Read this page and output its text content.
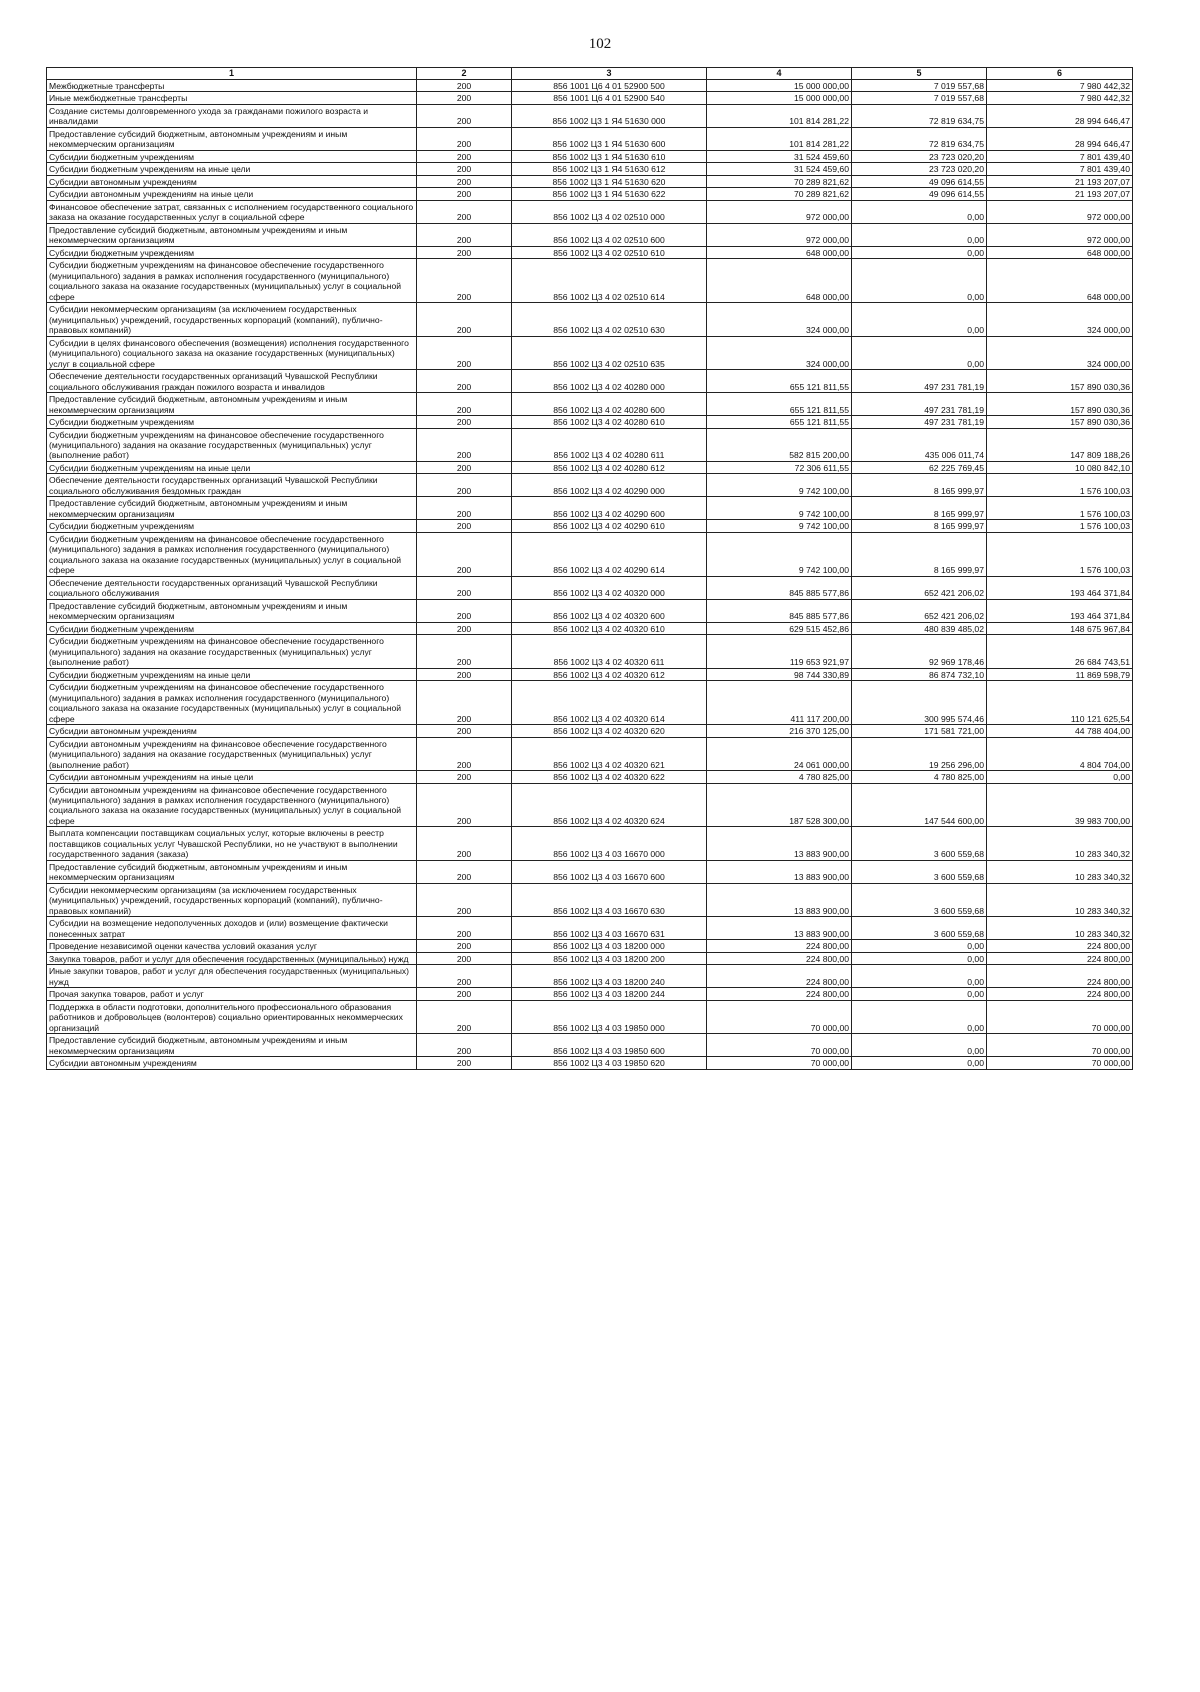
102
1	2	3	4	5	6
Межбюджетные трансферты	200	856 1001 Ц6 4 01 52900 500	15 000 000,00	7 019 557,68	7 980 442,32
Иные межбюджетные трансферты	200	856 1001 Ц6 4 01 52900 540	15 000 000,00	7 019 557,68	7 980 442,32
Создание системы долговременного ухода за гражданами пожилого возраста и инвалидами	200	856 1002 Ц3 1 Я4 51630 000	101 814 281,22	72 819 634,75	28 994 646,47
Предоставление субсидий бюджетным, автономным учреждениям и иным некоммерческим организациям	200	856 1002 Ц3 1 Я4 51630 600	101 814 281,22	72 819 634,75	28 994 646,47
Субсидии бюджетным учреждениям	200	856 1002 Ц3 1 Я4 51630 610	31 524 459,60	23 723 020,20	7 801 439,40
Субсидии бюджетным учреждениям на иные цели	200	856 1002 Ц3 1 Я4 51630 612	31 524 459,60	23 723 020,20	7 801 439,40
Субсидии автономным учреждениям	200	856 1002 Ц3 1 Я4 51630 620	70 289 821,62	49 096 614,55	21 193 207,07
Субсидии автономным учреждениям на иные цели	200	856 1002 Ц3 1 Я4 51630 622	70 289 821,62	49 096 614,55	21 193 207,07
Финансовое обеспечение затрат, связанных с исполнением государственного социального заказа на оказание государственных услуг в социальной сфере	200	856 1002 Ц3 4 02 02510 000	972 000,00	0,00	972 000,00
Предоставление субсидий бюджетным, автономным учреждениям и иным некоммерческим организациям	200	856 1002 Ц3 4 02 02510 600	972 000,00	0,00	972 000,00
Субсидии бюджетным учреждениям	200	856 1002 Ц3 4 02 02510 610	648 000,00	0,00	648 000,00
Субсидии бюджетным учреждениям на финансовое обеспечение государственного (муниципального) задания в рамках исполнения государственного (муниципального) социального заказа на оказание государственных (муниципальных) услуг в социальной сфере	200	856 1002 Ц3 4 02 02510 614	648 000,00	0,00	648 000,00
Субсидии некоммерческим организациям (за исключением государственных (муниципальных) учреждений, государственных корпораций (компаний), публично-правовых компаний)	200	856 1002 Ц3 4 02 02510 630	324 000,00	0,00	324 000,00
Субсидии в целях финансового обеспечения (возмещения) исполнения государственного (муниципального) социального заказа на оказание государственных (муниципальных) услуг в социальной сфере	200	856 1002 Ц3 4 02 02510 635	324 000,00	0,00	324 000,00
Обеспечение деятельности государственных организаций Чувашской Республики социального обслуживания граждан пожилого возраста и инвалидов	200	856 1002 Ц3 4 02 40280 000	655 121 811,55	497 231 781,19	157 890 030,36
Предоставление субсидий бюджетным, автономным учреждениям и иным некоммерческим организациям	200	856 1002 Ц3 4 02 40280 600	655 121 811,55	497 231 781,19	157 890 030,36
Субсидии бюджетным учреждениям	200	856 1002 Ц3 4 02 40280 610	655 121 811,55	497 231 781,19	157 890 030,36
Субсидии бюджетным учреждениям на финансовое обеспечение государственного (муниципального) задания на оказание государственных (муниципальных) услуг (выполнение работ)	200	856 1002 Ц3 4 02 40280 611	582 815 200,00	435 006 011,74	147 809 188,26
Субсидии бюджетным учреждениям на иные цели	200	856 1002 Ц3 4 02 40280 612	72 306 611,55	62 225 769,45	10 080 842,10
Обеспечение деятельности государственных организаций Чувашской Республики социального обслуживания бездомных граждан	200	856 1002 Ц3 4 02 40290 000	9 742 100,00	8 165 999,97	1 576 100,03
Предоставление субсидий бюджетным, автономным учреждениям и иным некоммерческим организациям	200	856 1002 Ц3 4 02 40290 600	9 742 100,00	8 165 999,97	1 576 100,03
Субсидии бюджетным учреждениям	200	856 1002 Ц3 4 02 40290 610	9 742 100,00	8 165 999,97	1 576 100,03
Субсидии бюджетным учреждениям на финансовое обеспечение государственного (муниципального) задания в рамках исполнения государственного (муниципального) социального заказа на оказание государственных (муниципальных) услуг в социальной сфере	200	856 1002 Ц3 4 02 40290 614	9 742 100,00	8 165 999,97	1 576 100,03
Обеспечение деятельности государственных организаций Чувашской Республики социального обслуживания	200	856 1002 Ц3 4 02 40320 000	845 885 577,86	652 421 206,02	193 464 371,84
Предоставление субсидий бюджетным, автономным учреждениям и иным некоммерческим организациям	200	856 1002 Ц3 4 02 40320 600	845 885 577,86	652 421 206,02	193 464 371,84
Субсидии бюджетным учреждениям	200	856 1002 Ц3 4 02 40320 610	629 515 452,86	480 839 485,02	148 675 967,84
Субсидии бюджетным учреждениям на финансовое обеспечение государственного (муниципального) задания на оказание государственных (муниципальных) услуг (выполнение работ)	200	856 1002 Ц3 4 02 40320 611	119 653 921,97	92 969 178,46	26 684 743,51
Субсидии бюджетным учреждениям на иные цели	200	856 1002 Ц3 4 02 40320 612	98 744 330,89	86 874 732,10	11 869 598,79
Субсидии бюджетным учреждениям на финансовое обеспечение государственного (муниципального) задания в рамках исполнения государственного (муниципального) социального заказа на оказание государственных (муниципальных) услуг в социальной сфере	200	856 1002 Ц3 4 02 40320 614	411 117 200,00	300 995 574,46	110 121 625,54
Субсидии автономным учреждениям	200	856 1002 Ц3 4 02 40320 620	216 370 125,00	171 581 721,00	44 788 404,00
Субсидии автономным учреждениям на финансовое обеспечение государственного (муниципального) задания на оказание государственных (муниципальных) услуг (выполнение работ)	200	856 1002 Ц3 4 02 40320 621	24 061 000,00	19 256 296,00	4 804 704,00
Субсидии автономным учреждениям на иные цели	200	856 1002 Ц3 4 02 40320 622	4 780 825,00	4 780 825,00	0,00
Субсидии автономным учреждениям на финансовое обеспечение государственного (муниципального) задания в рамках исполнения государственного (муниципального) социального заказа на оказание государственных (муниципальных) услуг в социальной сфере	200	856 1002 Ц3 4 02 40320 624	187 528 300,00	147 544 600,00	39 983 700,00
Выплата компенсации поставщикам социальных услуг, которые включены в реестр поставщиков социальных услуг Чувашской Республики, но не участвуют в выполнении государственного задания (заказа)	200	856 1002 Ц3 4 03 16670 000	13 883 900,00	3 600 559,68	10 283 340,32
Предоставление субсидий бюджетным, автономным учреждениям и иным некоммерческим организациям	200	856 1002 Ц3 4 03 16670 600	13 883 900,00	3 600 559,68	10 283 340,32
Субсидии некоммерческим организациям (за исключением государственных (муниципальных) учреждений, государственных корпораций (компаний), публично-правовых компаний)	200	856 1002 Ц3 4 03 16670 630	13 883 900,00	3 600 559,68	10 283 340,32
Субсидии на возмещение недополученных доходов и (или) возмещение фактически понесенных затрат	200	856 1002 Ц3 4 03 16670 631	13 883 900,00	3 600 559,68	10 283 340,32
Проведение независимой оценки качества условий оказания услуг	200	856 1002 Ц3 4 03 18200 000	224 800,00	0,00	224 800,00
Закупка товаров, работ и услуг для обеспечения государственных (муниципальных) нужд	200	856 1002 Ц3 4 03 18200 200	224 800,00	0,00	224 800,00
Иные закупки товаров, работ и услуг для обеспечения государственных (муниципальных) нужд	200	856 1002 Ц3 4 03 18200 240	224 800,00	0,00	224 800,00
Прочая закупка товаров, работ и услуг	200	856 1002 Ц3 4 03 18200 244	224 800,00	0,00	224 800,00
Поддержка в области подготовки, дополнительного профессионального образования работников и добровольцев (волонтеров) социально ориентированных некоммерческих организаций	200	856 1002 Ц3 4 03 19850 000	70 000,00	0,00	70 000,00
Предоставление субсидий бюджетным, автономным учреждениям и иным некоммерческим организациям	200	856 1002 Ц3 4 03 19850 600	70 000,00	0,00	70 000,00
Субсидии автономным учреждениям	200	856 1002 Ц3 4 03 19850 620	70 000,00	0,00	70 000,00
